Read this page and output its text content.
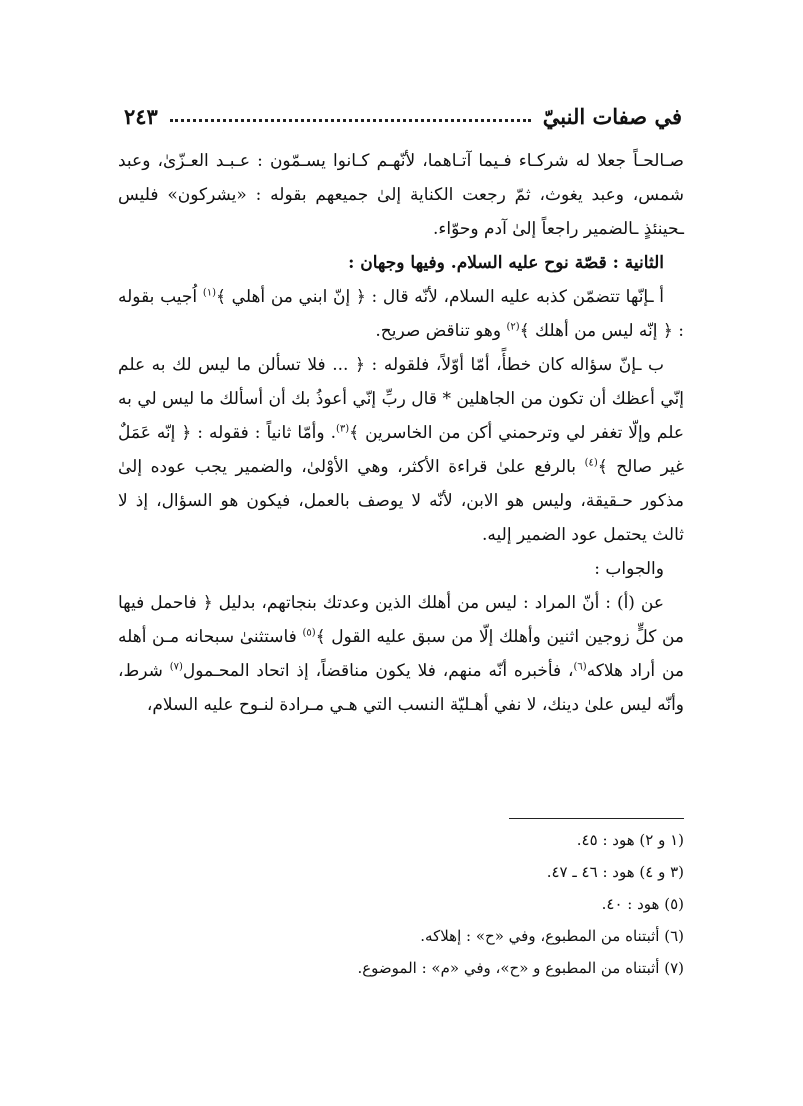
في صفات النبيّ
٢٤٣

صـالحـاً جعلا له شركـاء فـيما آتـاهما، لأنّهـم كـانوا يسـمّون : عـبـد العـزّىٰ، وعبد شمس، وعبد يغوث، ثمّ رجعت الكناية إلىٰ جميعهم بقوله : «يشركون» فليس ـحينئذٍ ـالضمير راجعاً إلىٰ آدم وحوّاء.

الثانية : قصّة نوح عليه السلام. وفيها وجهان :

أ ـإنّها تتضمّن كذبه عليه السلام، لأنّه قال : ﴿ إنّ ابني من أهلي ﴾$^{(١)}$ اُجيب بقوله : ﴿ إنّه ليس من أهلك ﴾$^{(٢)}$ وهو تناقض صريح.

ب ـإنّ سؤاله كان خطأً، أمّا أوّلاً، فلقوله : ﴿ ... فلا تسألن ما ليس لك به علم إنّي أعظك أن تكون من الجاهلين * قال ربِّ إنّي أعوذُ بك أن أسألك ما ليس لي به علم وإلّا تغفر لي وترحمني أكن من الخاسرين ﴾$^{(٣)}$. وأمّا ثانياً : فقوله : ﴿ إنّه عَمَلٌ غير صالح ﴾$^{(٤)}$ بالرفع علىٰ قراءة الأكثر، وهي الأوْلىٰ، والضمير يجب عوده إلىٰ مذكور حـقيقة، وليس هو الابن، لأنّه لا يوصف بالعمل، فيكون هو السؤال، إذ لا ثالث يحتمل عود الضمير إليه.

والجواب :

عن (أ) : أنّ المراد : ليس من أهلك الذين وعدتك بنجاتهم، بدليل ﴿ فاحمل فيها من كلٍّ زوجين اثنين وأهلك إلّا من سبق عليه القول ﴾$^{(٥)}$ فاستثنىٰ سبحانه مـن أهله من أراد هلاكه$^{(٦)}$، فأخبره أنّه منهم، فلا يكون مناقضاً، إذ اتحاد المحـمول$^{(٧)}$ شرط، وأنّه ليس علىٰ دينك، لا نفي أهـليّة النسب التي هـي مـرادة لنـوح عليه السلام،

(١ و ٢) هود : ٤٥.
(٣ و ٤) هود : ٤٦ ـ ٤٧.
(٥) هود : ٤٠.
(٦) أثبتناه من المطبوع، وفي «ح» : إهلاكه.
(٧) أثبتناه من المطبوع و «ح»، وفي «م» : الموضوع.
